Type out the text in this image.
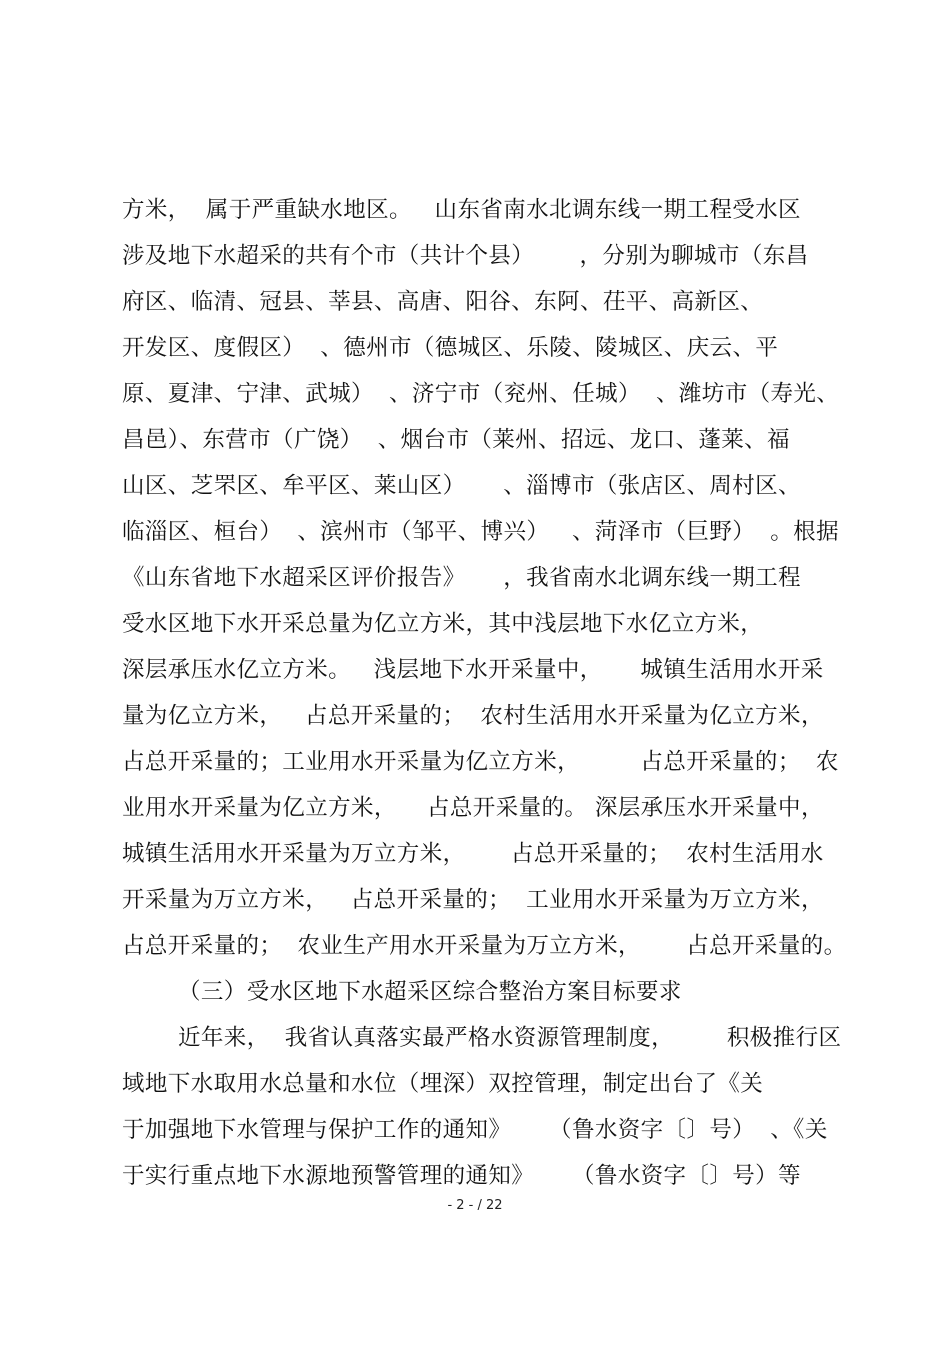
方米，  属于严重缺水地区。   山东省南水北调东线一期工程受水区
涉及地下水超采的共有个市（共计个县）      ，分别为聊城市（东昌
府区、临清、冠县、莘县、高唐、阳谷、东阿、茌平、高新区、
开发区、度假区）  、德州市（德城区、乐陵、陵城区、庆云、平
原、夏津、宁津、武城）  、济宁市（兖州、任城）  、潍坊市（寿光、
昌邑）、东营市（广饶）  、烟台市（莱州、招远、龙口、蓬莱、福
山区、芝罘区、牟平区、莱山区）     、淄博市（张店区、周村区、
临淄区、桓台）  、滨州市（邹平、博兴）   、菏泽市（巨野）  。根据
《山东省地下水超采区评价报告》     ，我省南水北调东线一期工程
受水区地下水开采总量为亿立方米，其中浅层地下水亿立方米，
深层承压水亿立方米。   浅层地下水开采量中，     城镇生活用水开采
量为亿立方米，   占总开采量的；  农村生活用水开采量为亿立方米，
占总开采量的；工业用水开采量为亿立方米，        占总开采量的；  农
业用水开采量为亿立方米，    占总开采量的。 深层承压水开采量中，
城镇生活用水开采量为万立方米，      占总开采量的；  农村生活用水
开采量为万立方米，   占总开采量的；  工业用水开采量为万立方米，
占总开采量的；  农业生产用水开采量为万立方米，      占总开采量的。
（三）受水区地下水超采区综合整治方案目标要求
近年来，  我省认真落实最严格水资源管理制度，       积极推行区
域地下水取用水总量和水位（埋深）双控管理，制定出台了《关
于加强地下水管理与保护工作的通知》     （鲁水资字〔〕号）  、《关
于实行重点地下水源地预警管理的通知》     （鲁水资字〔〕号）等
- 2 - / 22
